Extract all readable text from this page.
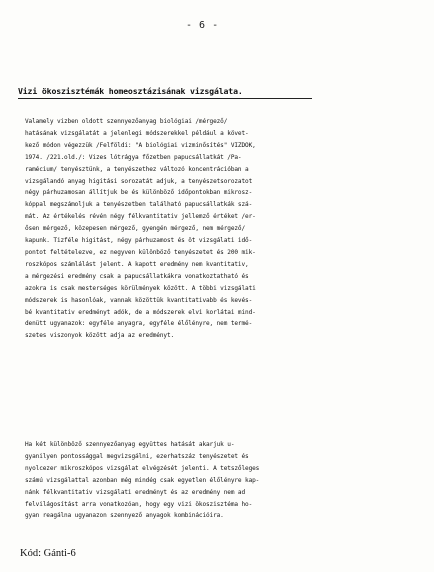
- 6 -
Vizi ökoszisztémák homeosztázisának vizsgálata.
Valamely vizben oldott szennyezőanyag biológiai /mérgező/
hatásának vizsgálatát a jelenlegi módszerekkel például a követ-
kező módon végezzük /Felföldi: "A biológiai vizminősítés" VIZDOK,
1974. /221.old./: Vizes lótrágya főzetben papucsállatkát /Pa-
ramécium/ tenyésztünk, a tenyészethez változó koncentrációban a
vizsgálandó anyag higitási sorozatát adjuk, a tenyészetsorozatot
négy párhuzamosan állítjuk be és különböző időpontokban mikrosz-
kóppal megszámoljuk a tenyészetben található papucsállatkák szá-
mát. Az értékelés révén négy félkvantitativ jellemző értéket /er-
ősen mérgező, közepesen mérgező, gyengén mérgező, nem mérgező/
kapunk. Tizféle higitást, négy párhuzamost és öt vizsgálati idő-
pontot feltételezve, ez negyven különböző tenyészetet és 200 mik-
roszkópos számlálást jelent. A kapott eredmény nem kvantitativ,
a mérgezési eredmény csak a papucsállatkákra vonatkoztatható és
azokra is csak mesterséges körülmények között. A többi vizsgálati
módszerek is hasonlóak, vannak közöttük kvantitativabb és kevés-
bé kvantitativ eredményt adók, de a módszerek elvi korlátai mind-
denütt ugyanazok: egyféle anyagra, egyféle élőlényre, nem termé-
szetes viszonyok között adja az eredményt.
Ha két különböző szennyezőanyag együttes hatását akarjuk u-
gyanilyen pontossággal megvizsgálni, ezerhatszáz tenyészetet és
nyolcezer mikroszkópos vizsgálat elvégzését jelenti. A tetszőleges
számú vizsgálattal azonban még mindég csak egyetlen élőlényre kap-
nánk félkvantitativ vizsgálati eredményt és az eredmény nem ad
felvilágosítást arra vonatkozóan, hogy egy vizi ökoszisztéma ho-
gyan reagálna ugyanazon szennyező anyagok kombinációira.
Kód: Gánti-6
